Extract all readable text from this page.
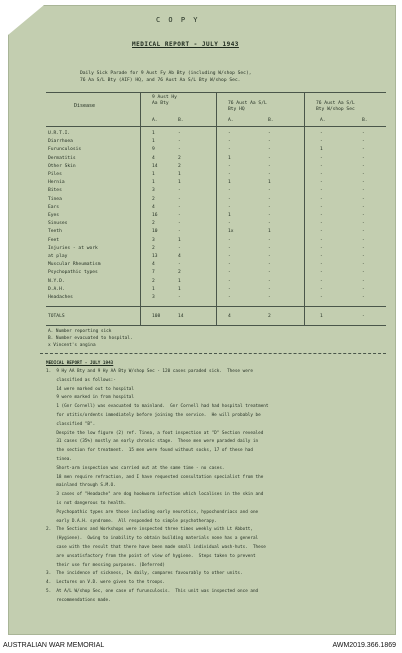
C O P Y
MEDICAL REPORT - JULY 1943
Daily Sick Parade for 9 Aust Fy Ab Bty (including W/shop Sec),
76 Aa S/L Bty (AIF) HQ, and 76 Aust Aa S/L Bty W/shop Sec.
Disease
9 Aust Hy
Aa Bty	76 Aust Aa S/L
Bty HQ
76 Aust Aa S/L
Bty W/shop Sec
A.	B.	A.	B.	A.	B.
U.R.T.I.	1	-	-	-	-	-
Diarrhoea	1	-	-	-	-	-
Furunculosis	9	-	-	-	1	-
Dermatitis	4	2	1	-	-	-
Other Skin	14	2	-	-	-	-
Piles	1	1	-	-	-	-
Hernia	1	1	1	1	-	-
Bites	3	-	-	-	-	-
Tinea	2	-	-	-	-	-
Ears	4	-	-	-	-	-
Eyes	16	-	1	-	-	-
Sinuses	2	-	-	-	-	-
Teeth	10	-	1x	1	-	-
Feet	3	1	-	-	-	-
Injuries - at work	2	-	-	-	-	-
at play	13	4	-	-	-	-
Muscular Rheumatism	4	-	-	-	-	-
Psychopathic types	7	2	-	-	-	-
N.Y.D.	2	1	-	-	-	-
D.A.H.	1	1	-	-	-	-
Headaches	3	-	-	-	-	-
TOTALS	108	14	4	2	1	-
A. Number reporting sick
B. Number evacuated to hospital.
x Vincent's angina
MEDICAL REPORT - JULY 1943
1.  9 Hy AA Bty and 9 Hy AA Bty W/shop Sec - 120 cases paraded sick.  These were
classified as follows:-
14 were marked out to hospital
9 were marked in from hospital
1 (Gnr Cornell) was evacuated to mainland.  Gnr Cornell had had hospital treatment
for otitis/ordents immediately before joining the service.  He will probably be
classified "B".
Despite the low figure (2) ref. Tinea, a foot inspection at "D" Section revealed
31 cases (35%) mostly an early chronic stage.  These men were paraded daily in
the section for treatment.  15 men were found without socks, 17 of these had
tinea.
Short-arm inspection was carried out at the same time - no cases.
18 men require refraction, and I have requested consultation specialist from the
mainland through S.M.O.
3 cases of "Headache" are dog hookworm infection which localises in the skin and
is not dangerous to health.
Psychopathic types are those including early neurotics, hypochondriacs and one
early D.A.H. syndrome.  All responded to simple psychotherapy.
2.  The Sections and Workshops were inspected three times weekly with Lt Abbott,
(Hygiene).  Owing to inability to obtain building materials none has a general
case with the result that there have been made small individual wash-huts.  These
are unsatisfactory from the point of view of hygiene.  Steps taken to prevent
their use for messing purposes. (Deferred)
3.  The incidence of sickness, 1% daily, compares favourably to other units.
4.  Lectures on V.D. were given to the troops.
5.  At A/L W/shop Sec, one case of furunculosis.  This unit was inspected once and
recommendations made.
AUSTRALIAN WAR MEMORIAL	AWM2019.366.1869
